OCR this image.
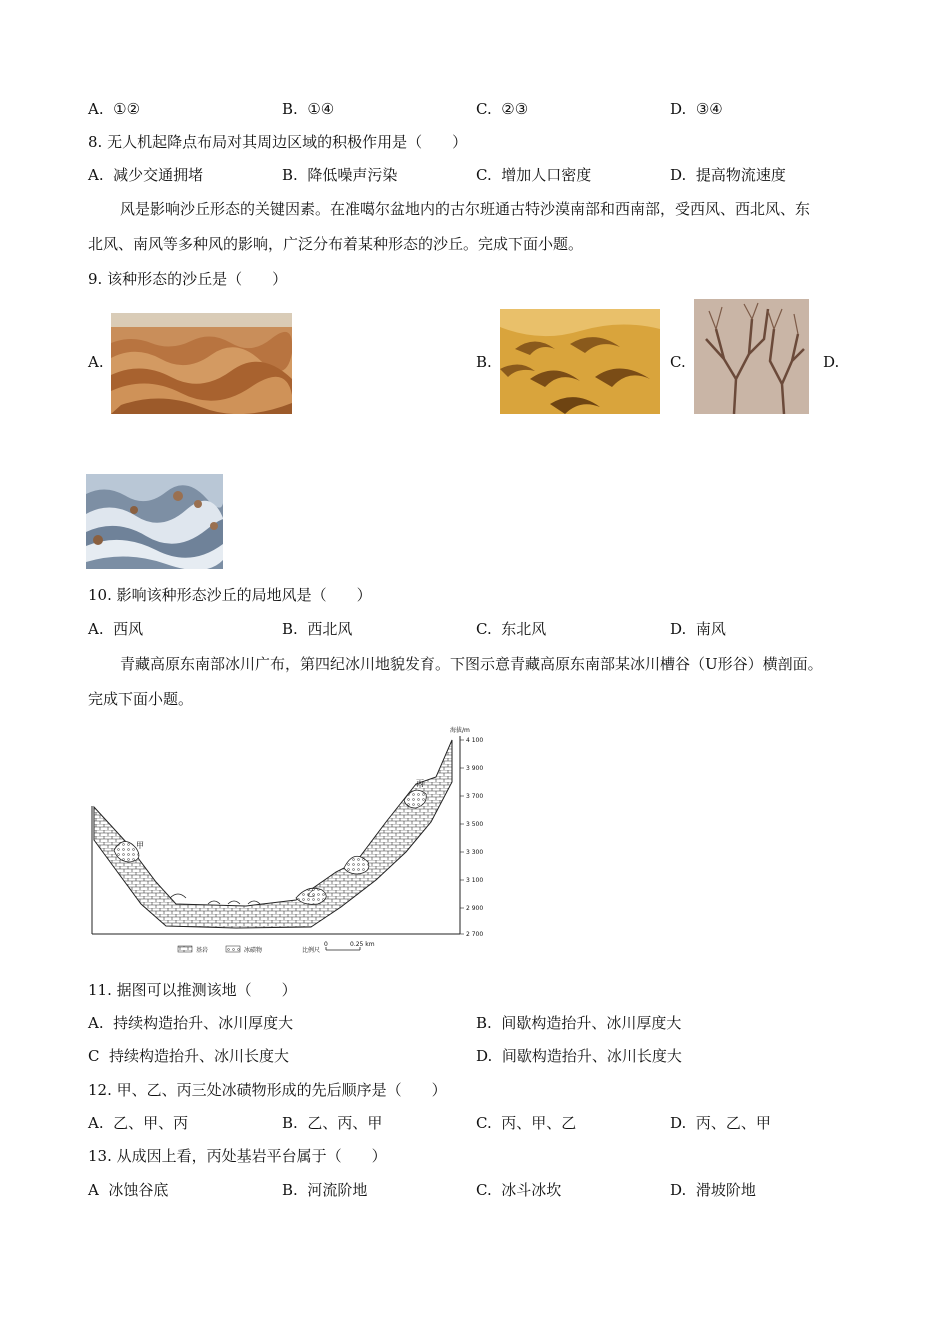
A. ①②	B. ①④	C. ②③	D. ③④
8. 无人机起降点布局对其周边区域的积极作用是（　　）
A. 减少交通拥堵	B. 降低噪声污染	C. 增加人口密度	D. 提高物流速度
风是影响沙丘形态的关键因素。在准噶尔盆地内的古尔班通古特沙漠南部和西南部，受西风、西北风、东
北风、南风等多种风的影响，广泛分布着某种形态的沙丘。完成下面小题。
9. 该种形态的沙丘是（　　）
A.	B.	C.	D.
10. 影响该种形态沙丘的局地风是（　　）
A. 西风	B. 西北风	C. 东北风	D. 南风
青藏高原东南部冰川广布，第四纪冰川地貌发育。下图示意青藏高原东南部某冰川槽谷（U形谷）横剖面。
完成下面小题。
甲
乙
丙
海拔/m
4 100
3 900
3 700
3 500
3 300
3 100
2 900
2 700
基岩	冰碛物	比例尺
0	0.25 km
11. 据图可以推测该地（　　）
A. 持续构造抬升、冰川厚度大	B. 间歇构造抬升、冰川厚度大
C 持续构造抬升、冰川长度大	D. 间歇构造抬升、冰川长度大
12. 甲、乙、丙三处冰碛物形成的先后顺序是（　　）
A. 乙、甲、丙	B. 乙、丙、甲	C. 丙、甲、乙	D. 丙、乙、甲
13. 从成因上看，丙处基岩平台属于（　　）
A 冰蚀谷底	B. 河流阶地	C. 冰斗冰坎	D. 滑坡阶地
